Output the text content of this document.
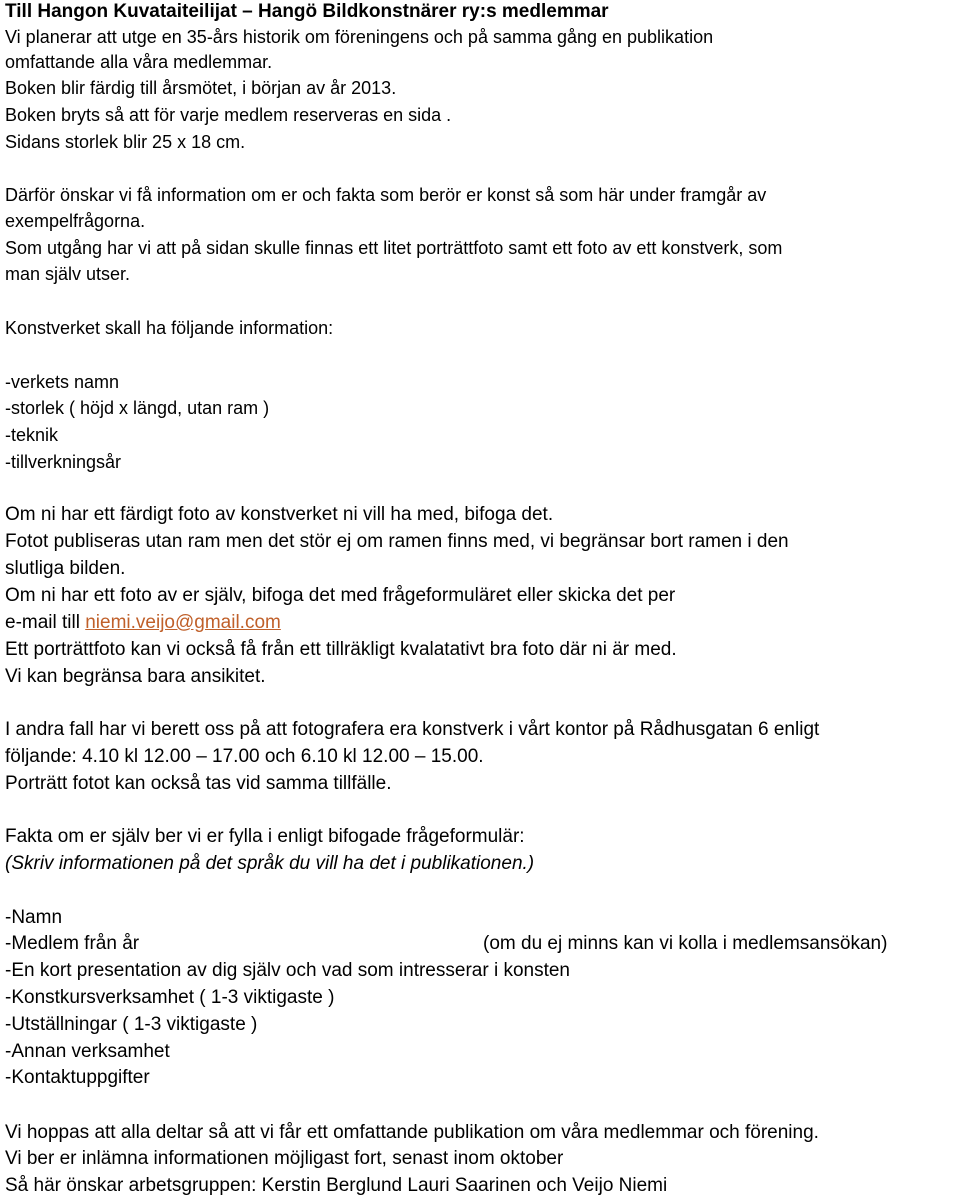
Till Hangon Kuvataiteilijat – Hangö Bildkonstnärer ry:s medlemmar
Vi planerar att utge en 35-års historik om föreningens och på samma gång en publikation
omfattande alla våra medlemmar.
Boken blir färdig till årsmötet, i början av år 2013.
Boken bryts så att för varje medlem reserveras en sida .
Sidans storlek blir 25 x 18 cm.
Därför önskar vi få information om er och fakta som berör er konst så som här under framgår av
exempelfrågorna.
Som utgång har vi att på sidan skulle finnas ett litet porträttfoto samt ett foto av ett konstverk, som
man själv utser.
Konstverket skall ha följande information:
-verkets namn
-storlek ( höjd x längd, utan ram )
-teknik
-tillverkningsår
Om ni har ett färdigt foto av konstverket ni vill ha med, bifoga det.
Fotot publiseras utan ram men det stör ej om ramen finns med, vi begränsar bort ramen i den
slutliga bilden.
Om ni har ett foto av er själv, bifoga det med frågeformuläret eller skicka det per
e-mail till niemi.veijo@gmail.com
Ett porträttfoto kan vi också få från ett tillräkligt kvalatativt bra foto där ni är med.
Vi kan begränsa bara ansikitet.
I andra fall har vi berett oss på att fotografera era konstverk i vårt kontor på Rådhusgatan 6 enligt
följande: 4.10 kl 12.00 – 17.00 och 6.10 kl 12.00 – 15.00.
Porträtt fotot kan också tas vid samma tillfälle.
Fakta om er själv ber vi er fylla i enligt bifogade frågeformulär:
(Skriv informationen på det språk du vill ha det i publikationen.)
-Namn
-Medlem från år	(om du ej minns kan vi kolla i medlemsansökan)
-En kort presentation av dig själv och vad som intresserar i konsten
-Konstkursverksamhet ( 1-3 viktigaste )
-Utställningar ( 1-3 viktigaste )
-Annan verksamhet
-Kontaktuppgifter
Vi hoppas att alla deltar så att vi får ett omfattande publikation om våra medlemmar och förening.
Vi ber er inlämna informationen möjligast fort, senast inom oktober
Så här önskar arbetsgruppen: Kerstin Berglund Lauri Saarinen och Veijo Niemi
